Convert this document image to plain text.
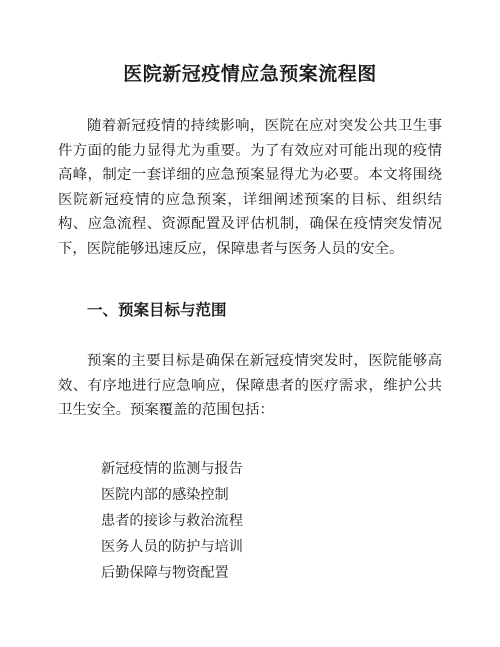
医院新冠疫情应急预案流程图

随着新冠疫情的持续影响，医院在应对突发公共卫生事件方面的能力显得尤为重要。为了有效应对可能出现的疫情高峰，制定一套详细的应急预案显得尤为必要。本文将围绕医院新冠疫情的应急预案，详细阐述预案的目标、组织结构、应急流程、资源配置及评估机制，确保在疫情突发情况下，医院能够迅速反应，保障患者与医务人员的安全。

一、预案目标与范围

预案的主要目标是确保在新冠疫情突发时，医院能够高效、有序地进行应急响应，保障患者的医疗需求，维护公共卫生安全。预案覆盖的范围包括：

新冠疫情的监测与报告
医院内部的感染控制
患者的接诊与救治流程
医务人员的防护与培训
后勤保障与物资配置
